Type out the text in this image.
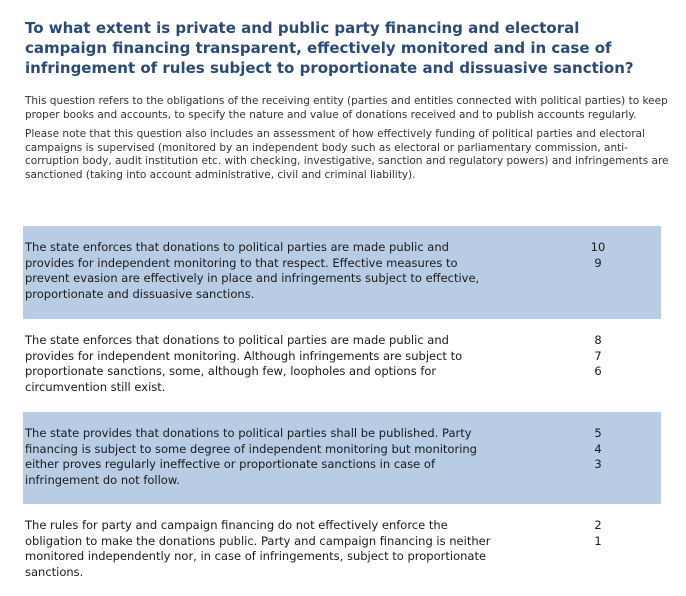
To what extent is private and public party financing and electoral campaign financing transparent, effectively monitored and in case of infringement of rules subject to proportionate and dissuasive sanction?

This question refers to the obligations of the receiving entity (parties and entities connected with political parties) to keep proper books and accounts, to specify the nature and value of donations received and to publish accounts regularly.

Please note that this question also includes an assessment of how effectively funding of political parties and electoral campaigns is supervised (monitored by an independent body such as electoral or parliamentary commission, anti-corruption body, audit institution etc. with checking, investigative, sanction and regulatory powers) and infringements are sanctioned (taking into account administrative, civil and criminal liability).

The state enforces that donations to political parties are made public and provides for independent monitoring to that respect. Effective measures to prevent evasion are effectively in place and infringements subject to effective, proportionate and dissuasive sanctions.
10
9
The state enforces that donations to political parties are made public and provides for independent monitoring. Although infringements are subject to proportionate sanctions, some, although few, loopholes and options for circumvention still exist.
8
7
6
The state provides that donations to political parties shall be published. Party financing is subject to some degree of independent monitoring but monitoring either proves regularly ineffective or proportionate sanctions in case of infringement do not follow.
5
4
3
The rules for party and campaign financing do not effectively enforce the obligation to make the donations public. Party and campaign financing is neither monitored independently nor, in case of infringements, subject to proportionate sanctions.
2
1
